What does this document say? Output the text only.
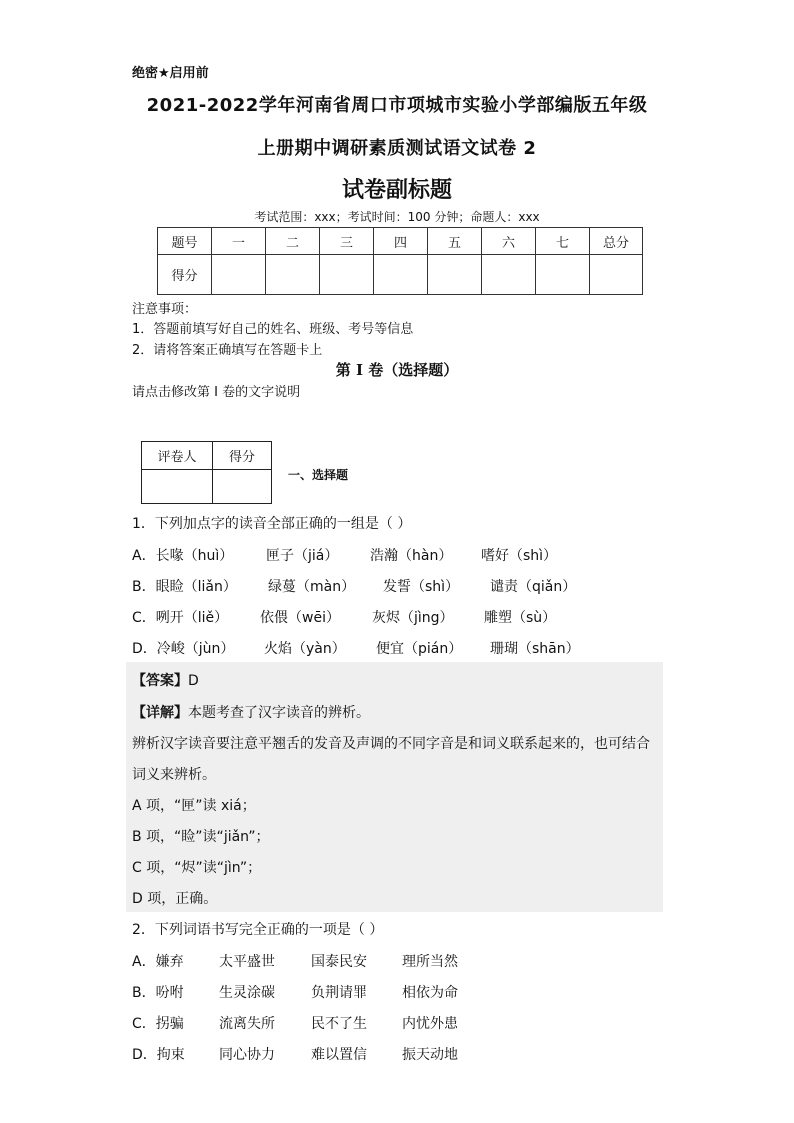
绝密★启用前
2021-2022学年河南省周口市项城市实验小学部编版五年级
上册期中调研素质测试语文试卷 2
试卷副标题
考试范围：xxx；考试时间：100 分钟；命题人：xxx
题号	一	二	三	四	五	六	七	总分
得分								
注意事项：
1．答题前填写好自己的姓名、班级、考号等信息
2．请将答案正确填写在答题卡上
第 I 卷（选择题）
请点击修改第 I 卷的文字说明
评卷人	得分

一、选择题
1．下列加点字的读音全部正确的一组是（ ）
A．长喙（huì） 匣子（jiá） 浩瀚（hàn） 嗜好（shì）
B．眼睑（liǎn） 绿蔓（màn） 发誓（shì） 谴责（qiǎn）
C．咧开（liě） 依偎（wēi） 灰烬（jìng） 雕塑（sù）
D．冷峻（jùn） 火焰（yàn） 便宜（pián） 珊瑚（shān）
【答案】D
【详解】本题考查了汉字读音的辨析。
辨析汉字读音要注意平翘舌的发音及声调的不同字音是和词义联系起来的，也可结合
词义来辨析。
A 项，“匣”读 xiá；
B 项，“睑”读“jiǎn”；
C 项，“烬”读“jìn”；
D 项，正确。
2．下列词语书写完全正确的一项是（ ）
A．嫌弃	太平盛世	国泰民安	理所当然
B．吩咐	生灵涂碳	负荆请罪	相依为命
C．拐骗	流离失所	民不了生	内忧外患
D．拘束 同心协力	难以置信	振天动地
